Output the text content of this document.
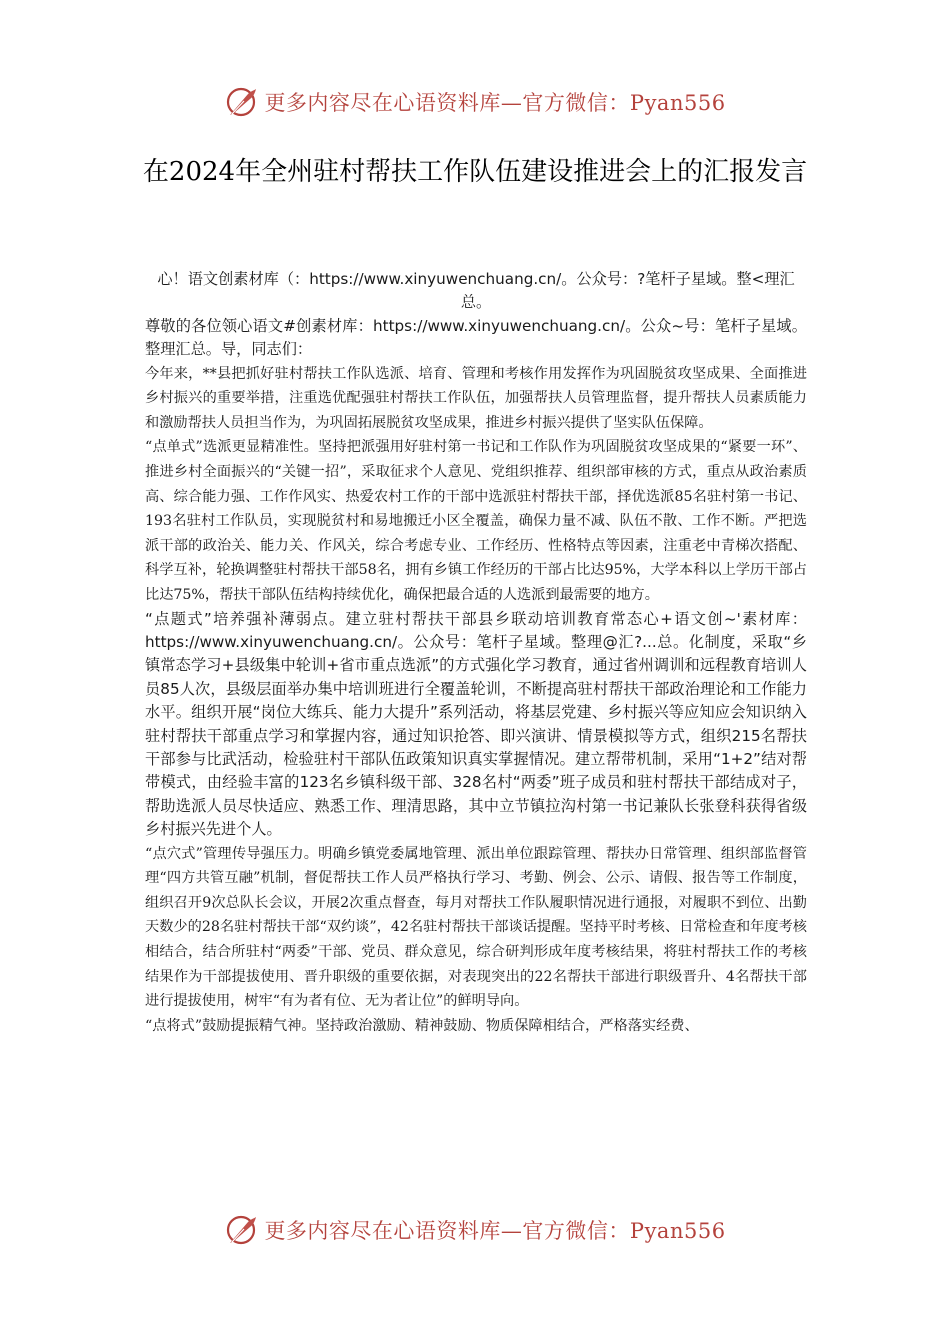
更多内容尽在心语资料库—官方微信：Pyan556
在2024年全州驻村帮扶工作队伍建设推进会上的汇报发言

心！语文创素材库（：https://www.xinyuwenchuang.cn/。公众号：?笔杆子星域。整<理汇总。

尊敬的各位领心语文#创素材库：https://www.xinyuwenchuang.cn/。公众~号：笔杆子星域。整理汇总。导，同志们：

今年来，**县把抓好驻村帮扶工作队选派、培育、管理和考核作用发挥作为巩固脱贫攻坚成果、全面推进乡村振兴的重要举措，注重选优配强驻村帮扶工作队伍，加强帮扶人员管理监督，提升帮扶人员素质能力和激励帮扶人员担当作为，为巩固拓展脱贫攻坚成果，推进乡村振兴提供了坚实队伍保障。

“点单式”选派更显精准性。坚持把派强用好驻村第一书记和工作队作为巩固脱贫攻坚成果的“紧要一环”、推进乡村全面振兴的“关键一招”，采取征求个人意见、党组织推荐、组织部审核的方式，重点从政治素质高、综合能力强、工作作风实、热爱农村工作的干部中选派驻村帮扶干部，择优选派85名驻村第一书记、193名驻村工作队员，实现脱贫村和易地搬迁小区全覆盖，确保力量不减、队伍不散、工作不断。严把选派干部的政治关、能力关、作风关，综合考虑专业、工作经历、性格特点等因素，注重老中青梯次搭配、科学互补，轮换调整驻村帮扶干部58名，拥有乡镇工作经历的干部占比达95%，大学本科以上学历干部占比达75%，帮扶干部队伍结构持续优化，确保把最合适的人选派到最需要的地方。

“点题式”培养强补薄弱点。建立驻村帮扶干部县乡联动培训教育常态心+语文创~'素材库：https://www.xinyuwenchuang.cn/。公众号：笔杆子星域。整理@汇?...总。化制度，采取“乡镇常态学习+县级集中轮训+省市重点选派”的方式强化学习教育，通过省州调训和远程教育培训人员85人次，县级层面举办集中培训班进行全覆盖轮训，不断提高驻村帮扶干部政治理论和工作能力水平。组织开展“岗位大练兵、能力大提升”系列活动，将基层党建、乡村振兴等应知应会知识纳入驻村帮扶干部重点学习和掌握内容，通过知识抢答、即兴演讲、情景模拟等方式，组织215名帮扶干部参与比武活动，检验驻村干部队伍政策知识真实掌握情况。建立帮带机制，采用“1+2”结对帮带模式，由经验丰富的123名乡镇科级干部、328名村“两委”班子成员和驻村帮扶干部结成对子，帮助选派人员尽快适应、熟悉工作、理清思路，其中立节镇拉沟村第一书记兼队长张登科获得省级乡村振兴先进个人。

“点穴式”管理传导强压力。明确乡镇党委属地管理、派出单位跟踪管理、帮扶办日常管理、组织部监督管理“四方共管互融”机制，督促帮扶工作人员严格执行学习、考勤、例会、公示、请假、报告等工作制度，组织召开9次总队长会议，开展2次重点督查，每月对帮扶工作队履职情况进行通报，对履职不到位、出勤天数少的28名驻村帮扶干部“双约谈”，42名驻村帮扶干部谈话提醒。坚持平时考核、日常检查和年度考核相结合，结合所驻村“两委”干部、党员、群众意见，综合研判形成年度考核结果，将驻村帮扶工作的考核结果作为干部提拔使用、晋升职级的重要依据，对表现突出的22名帮扶干部进行职级晋升、4名帮扶干部进行提拔使用，树牢“有为者有位、无为者让位”的鲜明导向。

“点将式”鼓励提振精气神。坚持政治激励、精神鼓励、物质保障相结合，严格落实经费、

更多内容尽在心语资料库—官方微信：Pyan556
